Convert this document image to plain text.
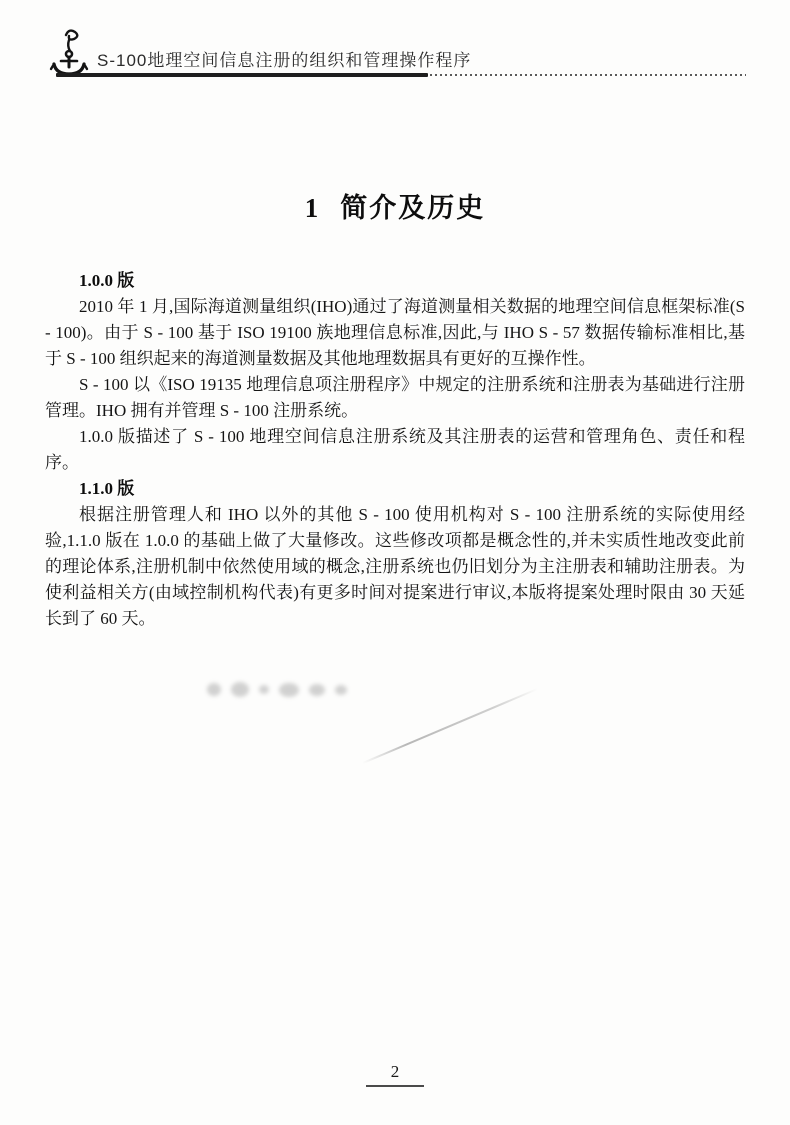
S-100地理空间信息注册的组织和管理操作程序
1 简介及历史
1.0.0 版

2010 年 1 月,国际海道测量组织(IHO)通过了海道测量相关数据的地理空间信息框架标准(S - 100)。由于 S - 100 基于 ISO 19100 族地理信息标准,因此,与 IHO S - 57 数据传输标准相比,基于 S - 100 组织起来的海道测量数据及其他地理数据具有更好的互操作性。

S - 100 以《ISO 19135 地理信息项注册程序》中规定的注册系统和注册表为基础进行注册管理。IHO 拥有并管理 S - 100 注册系统。

1.0.0 版描述了 S - 100 地理空间信息注册系统及其注册表的运营和管理角色、责任和程序。

1.1.0 版

根据注册管理人和 IHO 以外的其他 S - 100 使用机构对 S - 100 注册系统的实际使用经验,1.1.0 版在 1.0.0 的基础上做了大量修改。这些修改项都是概念性的,并未实质性地改变此前的理论体系,注册机制中依然使用域的概念,注册系统也仍旧划分为主注册表和辅助注册表。为使利益相关方(由域控制机构代表)有更多时间对提案进行审议,本版将提案处理时限由 30 天延长到了 60 天。

2
